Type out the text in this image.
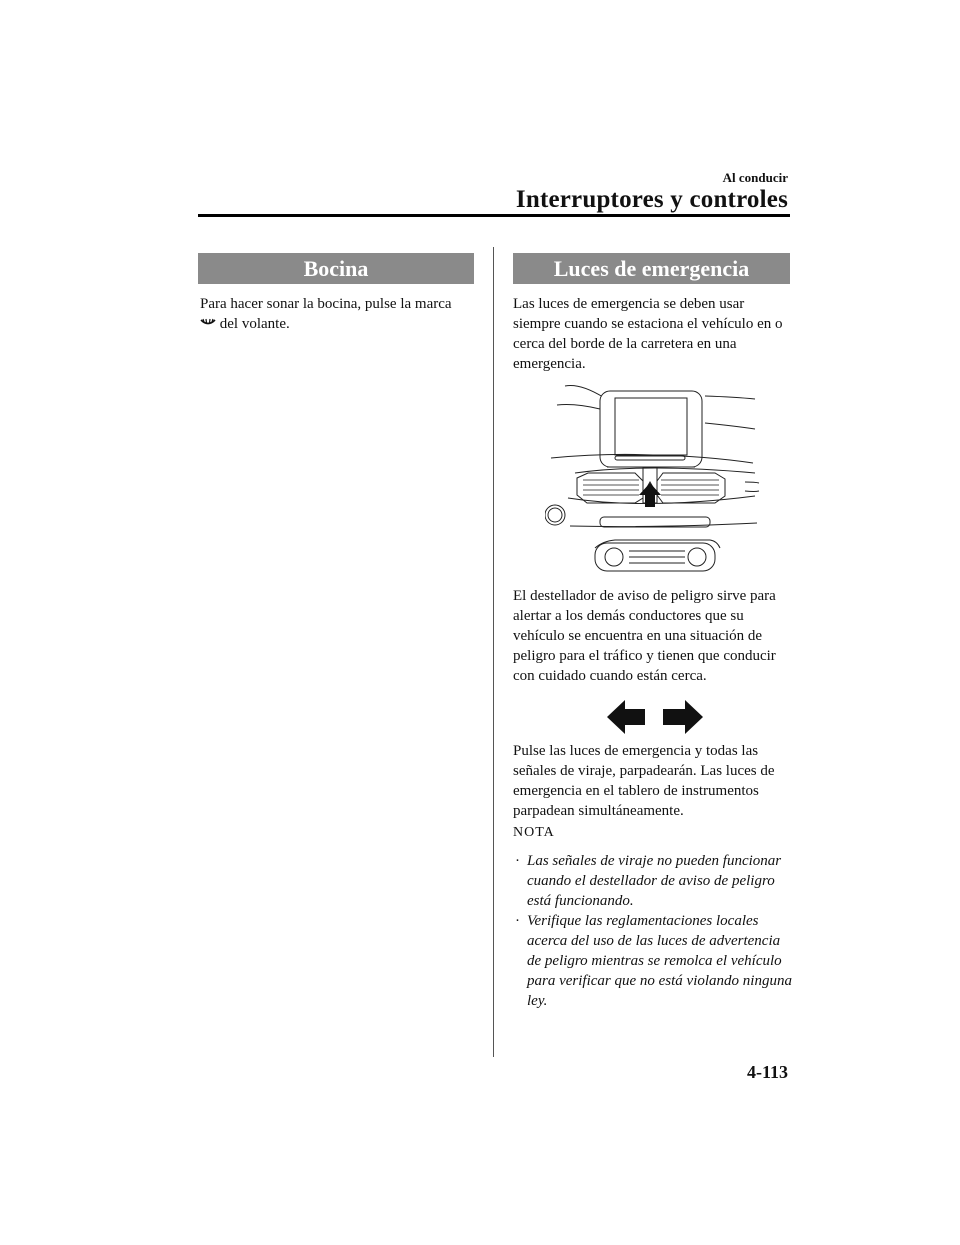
Al conducir
Interruptores y controles
Bocina
Para hacer sonar la bocina, pulse la marca
del volante.
Luces de emergencia
Las luces de emergencia se deben usar siempre cuando se estaciona el vehículo en o cerca del borde de la carretera en una emergencia.
El destellador de aviso de peligro sirve para alertar a los demás conductores que su vehículo se encuentra en una situación de peligro para el tráfico y tienen que conducir con cuidado cuando están cerca.
Pulse las luces de emergencia y todas las señales de viraje, parpadearán. Las luces de emergencia en el tablero de instrumentos parpadean simultáneamente.
NOTA
· Las señales de viraje no pueden funcionar cuando el destellador de aviso de peligro está funcionando.
· Verifique las reglamentaciones locales acerca del uso de las luces de advertencia de peligro mientras se remolca el vehículo para verificar que no está violando ninguna ley.
4-113
